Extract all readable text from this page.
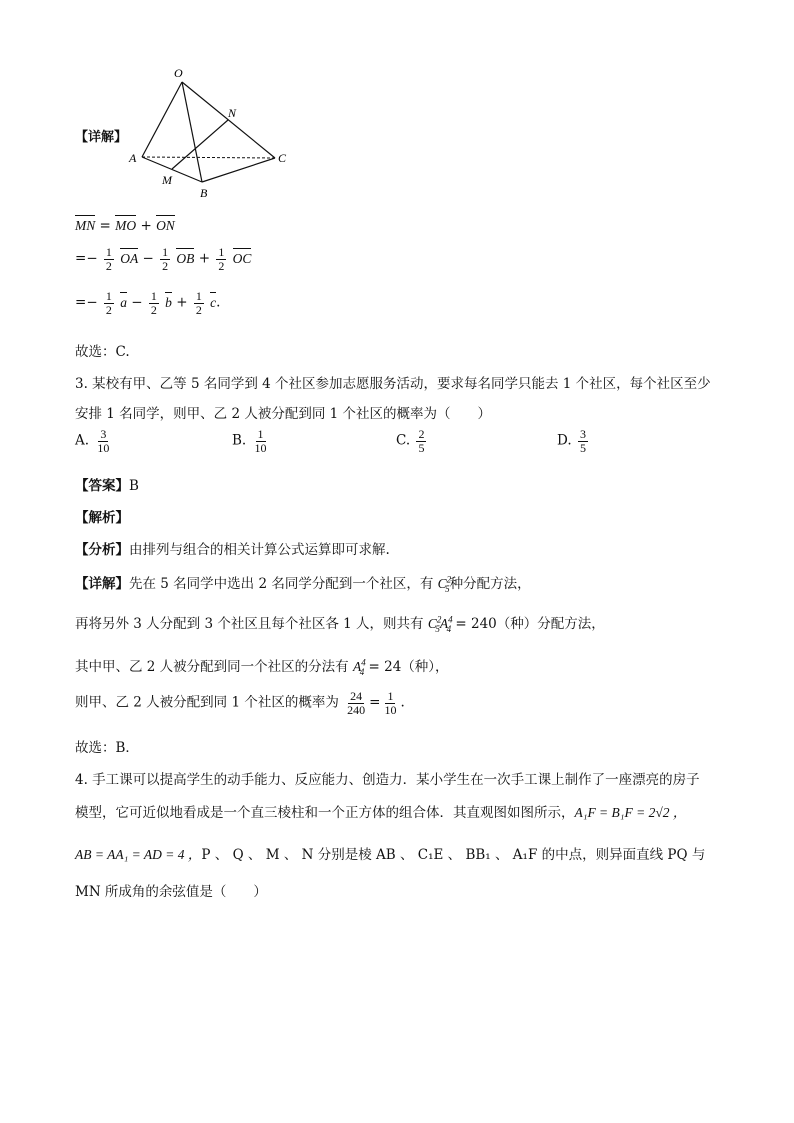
O
N
A	C
M
B
【详解】
MN = MO + ON
=− $\frac{1}{2}$ OA − $\frac{1}{2}$ OB + $\frac{1}{2}$ OC
=− $\frac{1}{2}$ $a - \frac{1}{2}$ $b + \frac{1}{2} c$.
故选：C.
3. 某校有甲、乙等 5 名同学到 4 个社区参加志愿服务活动，要求每名同学只能去 1 个社区，每个社区至少
安排 1 名同学，则甲、乙 2 人被分配到同 1 个社区的概率为（　　）
A. $\frac{3}{10}$	B. $\frac{1}{10}$	C. $\frac{2}{5}$	D. $\frac{3}{5}$
【答案】B
【解析】
【分析】由排列与组合的相关计算公式运算即可求解.
【详解】先在 5 名同学中选出 2 名同学分配到一个社区，有 $C^2_5$种分配方法，
再将另外 3 人分配到 3 个社区且每个社区各 1 人，则共有 $C^2_5A^4_4 = 240$（种）分配方法，
其中甲、乙 2 人被分配到同一个社区的分法有 $A^4_4 = 24$（种），
则甲、乙 2 人被分配到同 1 个社区的概率为 $\frac{24}{240} = \frac{1}{10}$ .
故选：B．
4. 手工课可以提高学生的动手能力、反应能力、创造力．某小学生在一次手工课上制作了一座漂亮的房子
模型，它可近似地看成是一个直三棱柱和一个正方体的组合体．其直观图如图所示，A₁F = B₁F = 2√2 ，
AB = AA₁ = AD = 4 ，P 、 Q 、 M 、 N 分别是棱 AB 、 C₁E 、 BB₁ 、 A₁F 的中点，则异面直线 PQ 与
MN 所成角的余弦值是（　　）
